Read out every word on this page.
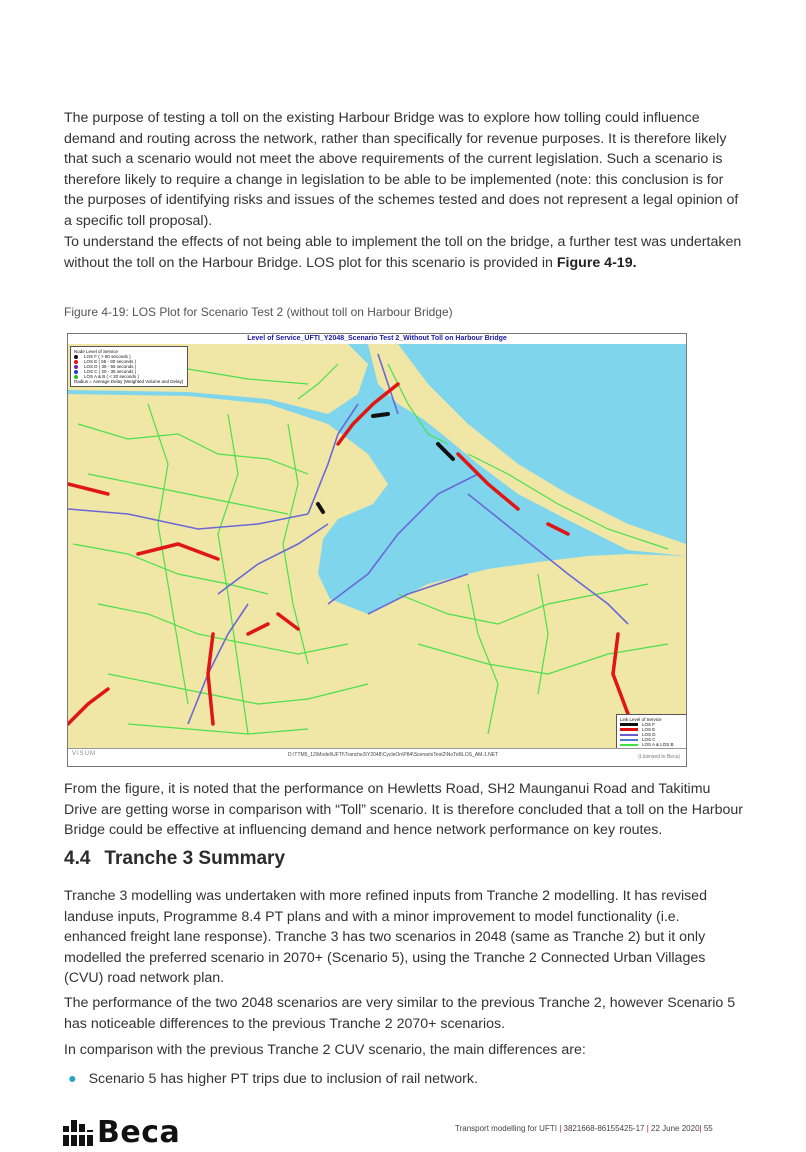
The purpose of testing a toll on the existing Harbour Bridge was to explore how tolling could influence demand and routing across the network, rather than specifically for revenue purposes. It is therefore likely that such a scenario would not meet the above requirements of the current legislation. Such a scenario is therefore likely to require a change in legislation to be able to be implemented (note: this conclusion is for the purposes of identifying risks and issues of the schemes tested and does not represent a legal opinion of a specific toll proposal).

To understand the effects of not being able to implement the toll on the bridge, a further test was undertaken without the toll on the Harbour Bridge. LOS plot for this scenario is provided in Figure 4-19.

Figure 4-19: LOS Plot for Scenario Test 2 (without toll on Harbour Bridge)
Level of Service_UFTI_Y2048_Scenario Test 2_Without Toll on Harbour Bridge
Node Level of Service
LOS F ( > 80 seconds )
LOS E ( 55 - 80 seconds )
LOS D ( 35 - 55 seconds )
LOS C ( 20 - 35 seconds )
LOS A & B ( < 20 seconds )
Radius = Average Delay (Weighted Volume and Delay)
Link Level of Service
LOS F
LOS E
LOS D
LOS C
LOS A & LOS B
VISUM	D:\TTM5_12\Model\UFTI\Tranche3\Y2048\CycleOn\P84\ScenarioTest2\NoToll\LOS_AM-1.NET	(Licensed to Beca)

From the figure, it is noted that the performance on Hewletts Road, SH2 Maunganui Road and Takitimu Drive are getting worse in comparison with “Toll” scenario. It is therefore concluded that a toll on the Harbour Bridge could be effective at influencing demand and hence network performance on key routes.

4.4 Tranche 3 Summary

Tranche 3 modelling was undertaken with more refined inputs from Tranche 2 modelling. It has revised landuse inputs, Programme 8.4 PT plans and with a minor improvement to model functionality (i.e. enhanced freight lane response). Tranche 3 has two scenarios in 2048 (same as Tranche 2) but it only modelled the preferred scenario in 2070+ (Scenario 5), using the Tranche 2 Connected Urban Villages (CVU) road network plan.

The performance of the two 2048 scenarios are very similar to the previous Tranche 2, however Scenario 5 has noticeable differences to the previous Tranche 2 2070+ scenarios.

In comparison with the previous Tranche 2 CUV scenario, the main differences are:

● Scenario 5 has higher PT trips due to inclusion of rail network.
Beca	Transport modelling for UFTI | 3821668-86155425-17 | 22 June 2020| 55
